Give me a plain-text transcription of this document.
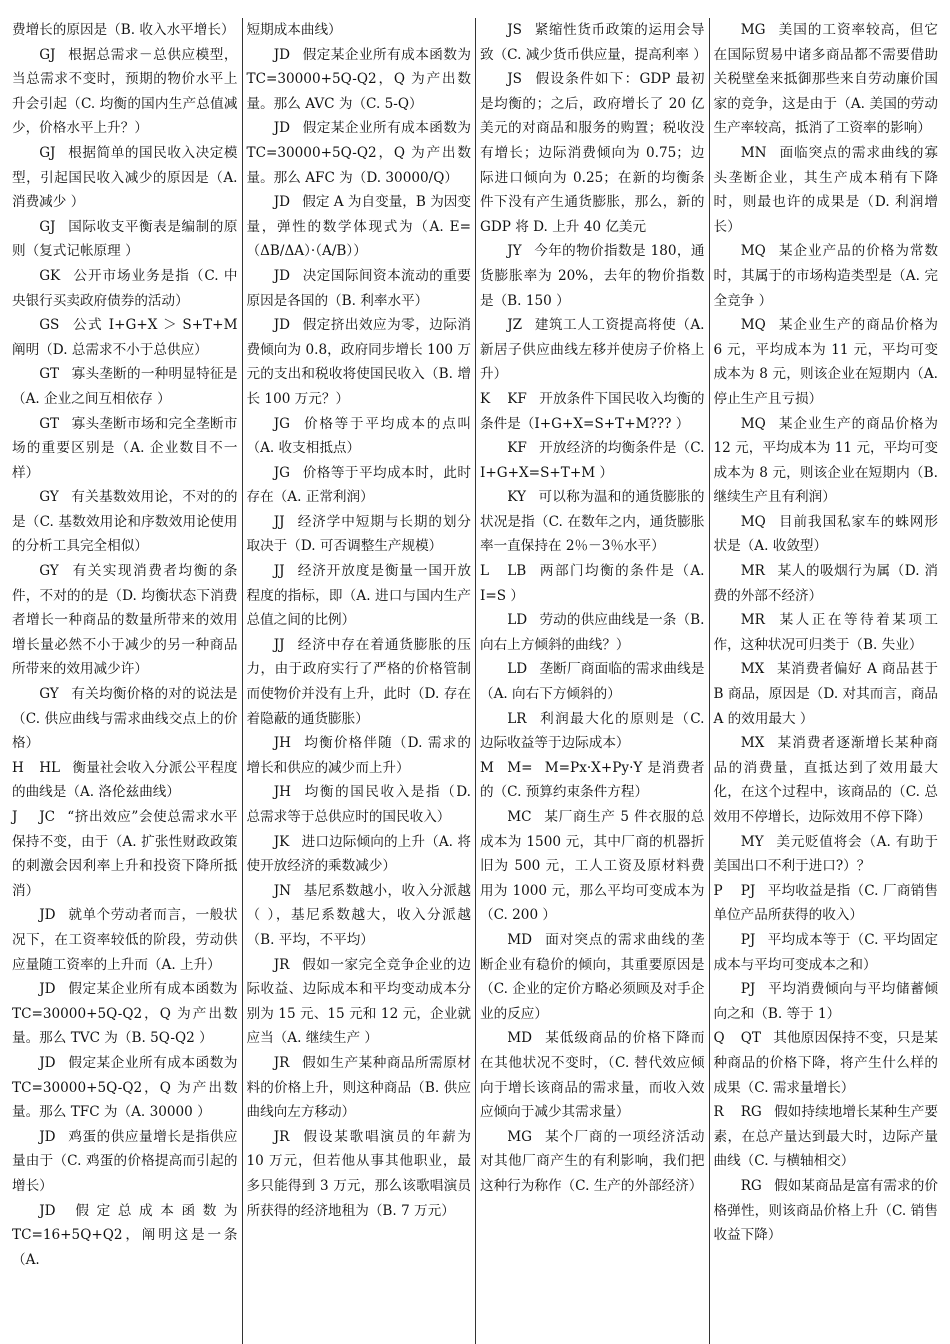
费增长的原因是（B. 收入水平增长）

GJ 根据总需求－总供应模型，当总需求不变时，预期的物价水平上升会引起（C. 均衡的国内生产总值减少，价格水平上升？）

GJ 根据简单的国民收入决定模型，引起国民收入减少的原因是（A. 消费减少 ）

GJ 国际收支平衡表是编制的原则（复式记帐原理 ）

GK 公开市场业务是指（C. 中央银行买卖政府债券的活动）

GS 公式 I+G+X ＞ S+T+M 阐明（D. 总需求不小于总供应）

GT 寡头垄断的一种明显特征是（A. 企业之间互相依存 ）

GT 寡头垄断市场和完全垄断市场的重要区别是（A. 企业数目不一样）

GY 有关基数效用论，不对的的是（C. 基数效用论和序数效用论使用的分析工具完全相似）

GY 有关实现消费者均衡的条件，不对的的是（D. 均衡状态下消费者增长一种商品的数量所带来的效用增长量必然不小于减少的另一种商品所带来的效用减少许）

GY 有关均衡价格的对的说法是（C. 供应曲线与需求曲线交点上的价格）

H HL 衡量社会收入分派公平程度的曲线是（A. 洛伦兹曲线）

J JC “挤出效应”会使总需求水平保持不变，由于（A. 扩张性财政政策的刺激会因利率上升和投资下降所抵消）

JD 就单个劳动者而言，一般状况下，在工资率较低的阶段，劳动供应量随工资率的上升而（A. 上升）

JD 假定某企业所有成本函数为 TC=30000+5Q-Q2，Q 为产出数量。那么 TVC 为（B. 5Q-Q2 ）

JD 假定某企业所有成本函数为 TC=30000+5Q-Q2，Q 为产出数量。那么 TFC 为（A. 30000 ）

JD 鸡蛋的供应量增长是指供应量由于（C. 鸡蛋的价格提高而引起的增长）

JD 假定总成本函数为 TC=16+5Q+Q2，阐明这是一条（A.

短期成本曲线）

JD 假定某企业所有成本函数为 TC=30000+5Q-Q2，Q 为产出数量。那么 AVC 为（C. 5-Q）

JD 假定某企业所有成本函数为 TC=30000+5Q-Q2，Q 为产出数量。那么 AFC 为（D. 30000/Q）

JD 假定 A 为自变量，B 为因变量，弹性的数学体现式为（A. E=（ΔB/ΔA）·（A/B））

JD 决定国际间资本流动的重要原因是各国的（B. 利率水平）

JD 假定挤出效应为零，边际消费倾向为 0.8，政府同步增长 100 万元的支出和税收将使国民收入（B. 增长 100 万元？）

JG 价格等于平均成本的点叫（A. 收支相抵点）

JG 价格等于平均成本时，此时存在（A. 正常利润）

JJ 经济学中短期与长期的划分取决于（D. 可否调整生产规模）

JJ 经济开放度是衡量一国开放程度的指标，即（A. 进口与国内生产总值之间的比例）

JJ 经济中存在着通货膨胀的压力，由于政府实行了严格的价格管制而使物价并没有上升，此时（D. 存在着隐蔽的通货膨胀）

JH 均衡价格伴随（D. 需求的增长和供应的减少而上升）

JH 均衡的国民收入是指（D. 总需求等于总供应时的国民收入）

JK 进口边际倾向的上升（A. 将使开放经济的乘数减少）

JN 基尼系数越小，收入分派越（ ），基尼系数越大，收入分派越（B. 平均，不平均）

JR 假如一家完全竞争企业的边际收益、边际成本和平均变动成本分别为 15 元、15 元和 12 元，企业就应当（A. 继续生产 ）

JR 假如生产某种商品所需原材料的价格上升，则这种商品（B. 供应曲线向左方移动）

JR 假设某歌唱演员的年薪为 10 万元，但若他从事其他职业，最多只能得到 3 万元，那么该歌唱演员所获得的经济地租为（B. 7 万元）

JS 紧缩性货币政策的运用会导致（C. 减少货币供应量，提高利率 ）

JS 假设条件如下：GDP 最初是均衡的；之后，政府增长了 20 亿美元的对商品和服务的购置；税收没有增长；边际消费倾向为 0.75；边际进口倾向为 0.25；在新的均衡条件下没有产生通货膨胀，那么，新的 GDP 将 D. 上升 40 亿美元

JY 今年的物价指数是 180，通货膨胀率为 20%，去年的物价指数是（B. 150 ）

JZ 建筑工人工资提高将使（A. 新居子供应曲线左移并使房子价格上升）

K KF 开放条件下国民收入均衡的条件是（I+G+X=S+T+M??? ）

KF 开放经济的均衡条件是（C. I+G+X=S+T+M ）

KY 可以称为温和的通货膨胀的状况是指（C. 在数年之内，通货膨胀率一直保持在 2％－3％水平）

L LB 两部门均衡的条件是（A. I=S ）

LD 劳动的供应曲线是一条（B. 向右上方倾斜的曲线？）

LD 垄断厂商面临的需求曲线是（A. 向右下方倾斜的）

LR 利润最大化的原则是（C. 边际收益等于边际成本）

M M= M=Px·X+Py·Y 是消费者的（C. 预算约束条件方程）

MC 某厂商生产 5 件衣服的总成本为 1500 元，其中厂商的机器折旧为 500 元，工人工资及原材料费用为 1000 元，那么平均可变成本为（C. 200 ）

MD 面对突点的需求曲线的垄断企业有稳价的倾向，其重要原因是（C. 企业的定价方略必须顾及对手企业的反应）

MD 某低级商品的价格下降而在其他状况不变时，（C. 替代效应倾向于增长该商品的需求量，而收入效应倾向于减少其需求量）

MG 某个厂商的一项经济活动对其他厂商产生的有利影响，我们把这种行为称作（C. 生产的外部经济）

MG 美国的工资率较高，但它在国际贸易中诸多商品都不需要借助关税壁垒来抵御那些来自劳动廉价国家的竞争，这是由于（A. 美国的劳动生产率较高，抵消了工资率的影响）

MN 面临突点的需求曲线的寡头垄断企业，其生产成本稍有下降时，则最也许的成果是（D. 利润增长）

MQ 某企业产品的价格为常数时，其属于的市场构造类型是（A. 完全竞争 ）

MQ 某企业生产的商品价格为 6 元，平均成本为 11 元，平均可变成本为 8 元，则该企业在短期内（A. 停止生产且亏损）

MQ 某企业生产的商品价格为 12 元，平均成本为 11 元，平均可变成本为 8 元，则该企业在短期内（B. 继续生产且有利润）

MQ 目前我国私家车的蛛网形状是（A. 收敛型）

MR 某人的吸烟行为属（D. 消费的外部不经济）

MR 某人正在等待着某项工作，这种状况可归类于（B. 失业）

MX 某消费者偏好 A 商品甚于 B 商品，原因是（D. 对其而言，商品 A 的效用最大 ）

MX 某消费者逐渐增长某种商品的消费量，直抵达到了效用最大化，在这个过程中，该商品的（C. 总效用不停增长，边际效用不停下降）

MY 美元贬值将会（A. 有助于美国出口不利于进口?）？

P PJ 平均收益是指（C. 厂商销售单位产品所获得的收入）

PJ 平均成本等于（C. 平均固定成本与平均可变成本之和）

PJ 平均消费倾向与平均储蓄倾向之和（B. 等于 1）

Q QT 其他原因保持不变，只是某种商品的价格下降，将产生什么样的成果（C. 需求量增长）

R RG 假如持续地增长某种生产要素，在总产量达到最大时，边际产量曲线（C. 与横轴相交）

RG 假如某商品是富有需求的价格弹性，则该商品价格上升（C. 销售收益下降）
